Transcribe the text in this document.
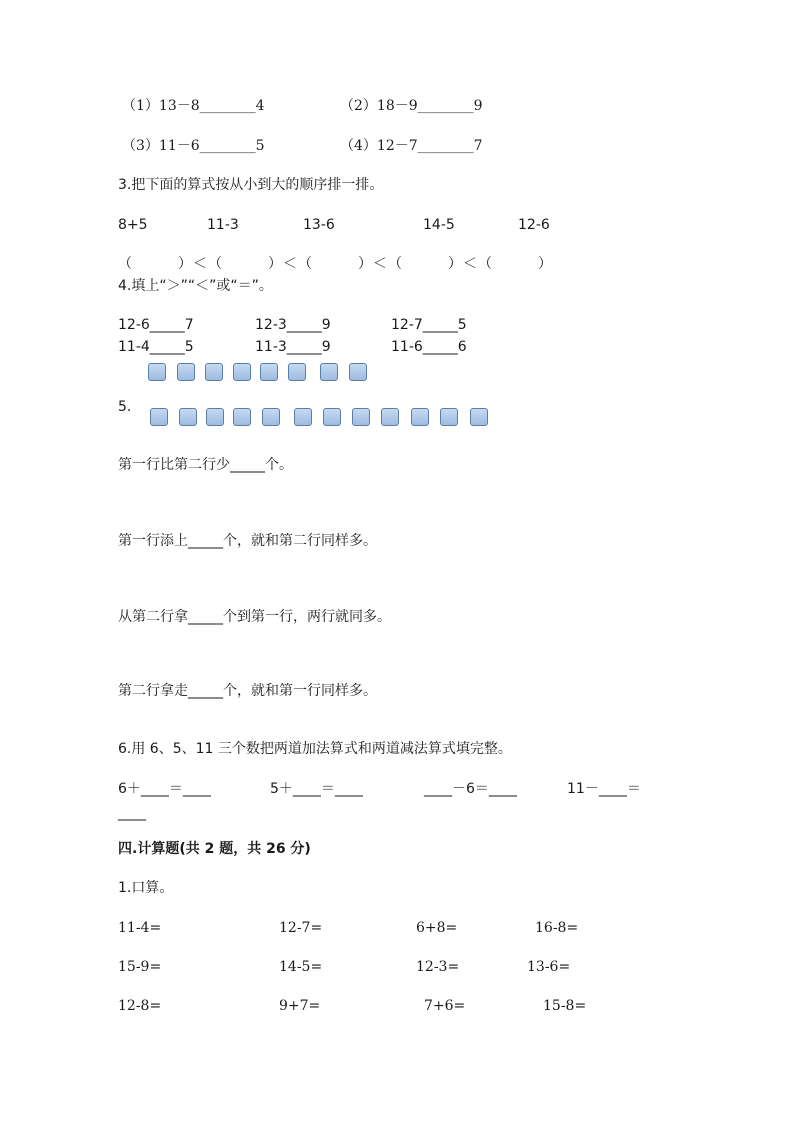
（1）13－8________4	（2）18－9________9
（3）11－6________5	（4）12－7________7
3.把下面的算式按从小到大的顺序排一排。
8+5	11-3	13-6	14-5	12-6
（　　　）＜（　　　）＜（　　　）＜（　　　）＜（　　　）
4.填上“＞”“＜”或“＝”。
12-6_____7	12-3_____9	12-7_____5
11-4_____5	11-3_____9	11-6_____6
5.
第一行比第二行少_____个。
第一行添上_____个，就和第二行同样多。
从第二行拿_____个到第一行，两行就同多。
第二行拿走_____个，就和第一行同样多。
6.用 6、5、11 三个数把两道加法算式和两道减法算式填完整。
6＋____＝____	5＋____＝____	____－6＝____	11－____＝
____
四.计算题(共 2 题，共 26 分)
1.口算。
11-4=	12-7=	6+8=	16-8=
15-9=	14-5=	12-3=	13-6=
12-8=	9+7=	7+6=	15-8=
